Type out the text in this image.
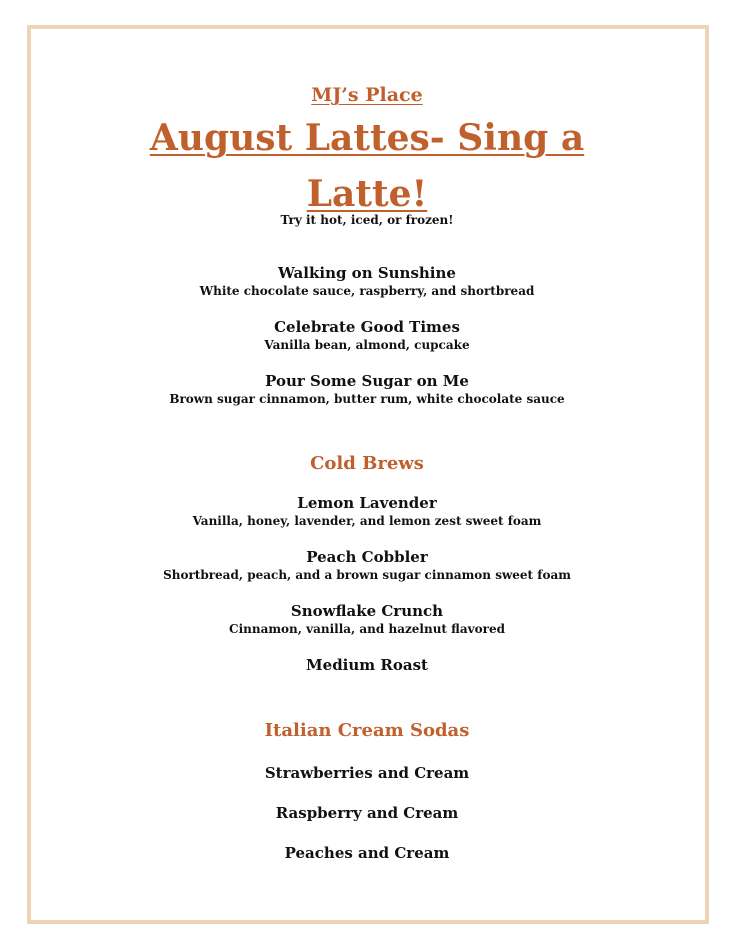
MJ’s Place
August Lattes- Sing a Latte!
Try it hot, iced, or frozen!
Walking on Sunshine
White chocolate sauce, raspberry, and shortbread
Celebrate Good Times
Vanilla bean, almond, cupcake
Pour Some Sugar on Me
Brown sugar cinnamon, butter rum, white chocolate sauce
Cold Brews
Lemon Lavender
Vanilla, honey, lavender, and lemon zest sweet foam
Peach Cobbler
Shortbread, peach, and a brown sugar cinnamon sweet foam
Snowflake Crunch
Cinnamon, vanilla, and hazelnut flavored
Medium Roast
Italian Cream Sodas
Strawberries and Cream
Raspberry and Cream
Peaches and Cream
